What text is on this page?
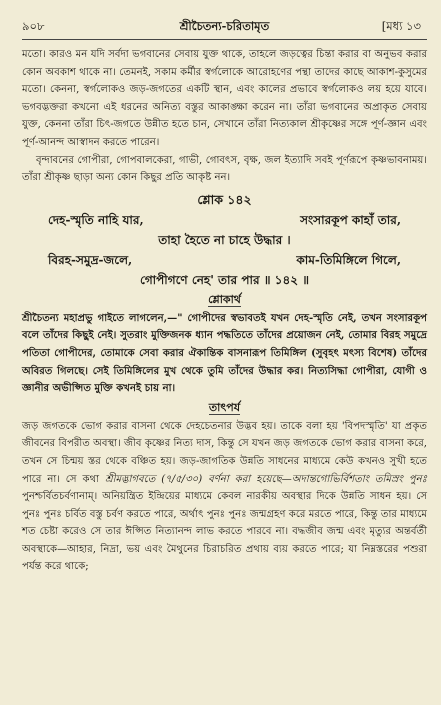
৯০৮	শ্রীচৈতন্য-চরিতামৃত	[মধ্য ১৩

মতো। কারও মন যদি সর্বদা ভগবানের সেবায় যুক্ত থাকে, তাহলে জড়ত্বের চিন্তা করার বা অনুভব করার কোন অবকাশ থাকে না। তেমনই, সকাম কর্মীর স্বর্গলোকে আরোহণের পন্থা তাদের কাছে আকাশ-কুসুমের মতো। কেননা, স্বর্গলোকও জড়-জগতের একটি স্থান, এবং কালের প্রভাবে স্বর্গলোকও লয় হয়ে যাবে। ভগবদ্ভক্তরা কখনো এই ধরনের অনিত্য বস্তুর আকাঙ্ক্ষা করেন না। তাঁরা ভগবানের অপ্রাকৃত সেবায় যুক্ত, কেননা তাঁরা চিৎ-জগতে উন্নীত হতে চান, সেখানে তাঁরা নিত্যকাল শ্রীকৃষ্ণের সঙ্গে পূর্ণ-জ্ঞান এবং পূর্ণ-আনন্দ আস্বাদন করতে পারেন।

বৃন্দাবনের গোপীরা, গোপবালকেরা, গাভী, গোবৎস, বৃক্ষ, জল ইত্যাদি সবই পূর্ণরূপে কৃষ্ণভাবনাময়। তাঁরা শ্রীকৃষ্ণ ছাড়া অন্য কোন কিছুর প্রতি আকৃষ্ট নন।

শ্লোক ১৪২
দেহ-স্মৃতি নাহি যার,	সংসারকূপ কাহাঁ তার,
তাহা হৈতে না চাহে উদ্ধার ।
বিরহ-সমুদ্র-জলে,	কাম-তিমিঙ্গিলে গিলে,
গোপীগণে নেহ' তার পার ॥ ১৪২ ॥
শ্লোকার্থ

শ্রীচৈতন্য মহাপ্রভু গাইতে লাগলেন,—" গোপীদের স্বভাবতই যখন দেহ-স্মৃতি নেই, তখন সংসারকূপ বলে তাঁদের কিছুই নেই। সুতরাং মুক্তিজনক ধ্যান পদ্ধতিতে তাঁদের প্রয়োজন নেই, তোমার বিরহ সমুদ্রে পতিতা গোপীদের, তোমাকে সেবা করার ঐকান্তিক বাসনারূপ তিমিঙ্গিল (সুবৃহৎ মৎস্য বিশেষ) তাঁদের অবিরত গিলছে। সেই তিমিঙ্গিলের মুখ থেকে তুমি তাঁদের উদ্ধার কর। নিত্যসিদ্ধা গোপীরা, যোগী ও জ্ঞানীর অভীপ্সিত মুক্তি কখনই চায় না।

তাৎপর্য

জড় জগতকে ভোগ করার বাসনা থেকে দেহচেতনার উদ্ভব হয়। তাকে বলা হয় 'বিপদস্মৃতি' যা প্রকৃত জীবনের বিপরীত অবস্থা। জীব কৃষ্ণের নিত্য দাস, কিন্তু সে যখন জড় জগতকে ভোগ করার বাসনা করে, তখন সে চিন্ময় স্তর থেকে বঞ্চিত হয়। জড়-জাগতিক উন্নতি সাধনের মাধ্যমে কেউ কখনও সুখী হতে পারে না। সে কথা শ্রীমদ্ভাগবতে (৭/৫/৩০) বর্ণনা করা হয়েছে—অদান্তগোভির্বিশতাং তমিস্রং পুনঃ পুনশ্চর্বিতচর্বণানাম্। অনিয়ন্ত্রিত ইন্দ্রিয়ের মাধ্যমে কেবল নারকীয় অবস্থার দিকে উন্নতি সাধন হয়। সে পুনঃ পুনঃ চর্বিত বস্তু চর্বণ করতে পারে, অর্থাৎ পুনঃ পুনঃ জন্মগ্রহণ করে মরতে পারে, কিন্তু তার মাধ্যমে শত চেষ্টা করেও সে তার ঈপ্সিত নিত্যানন্দ লাভ করতে পারবে না। বদ্ধজীব জন্ম এবং মৃত্যুর অন্তর্বর্তী অবস্থাকে—আহার, নিদ্রা, ভয় এবং মৈথুনের চিরাচরিত প্রথায় ব্যয় করতে পারে; যা নিম্নস্তরের পশুরা পর্যন্ত করে থাকে;
